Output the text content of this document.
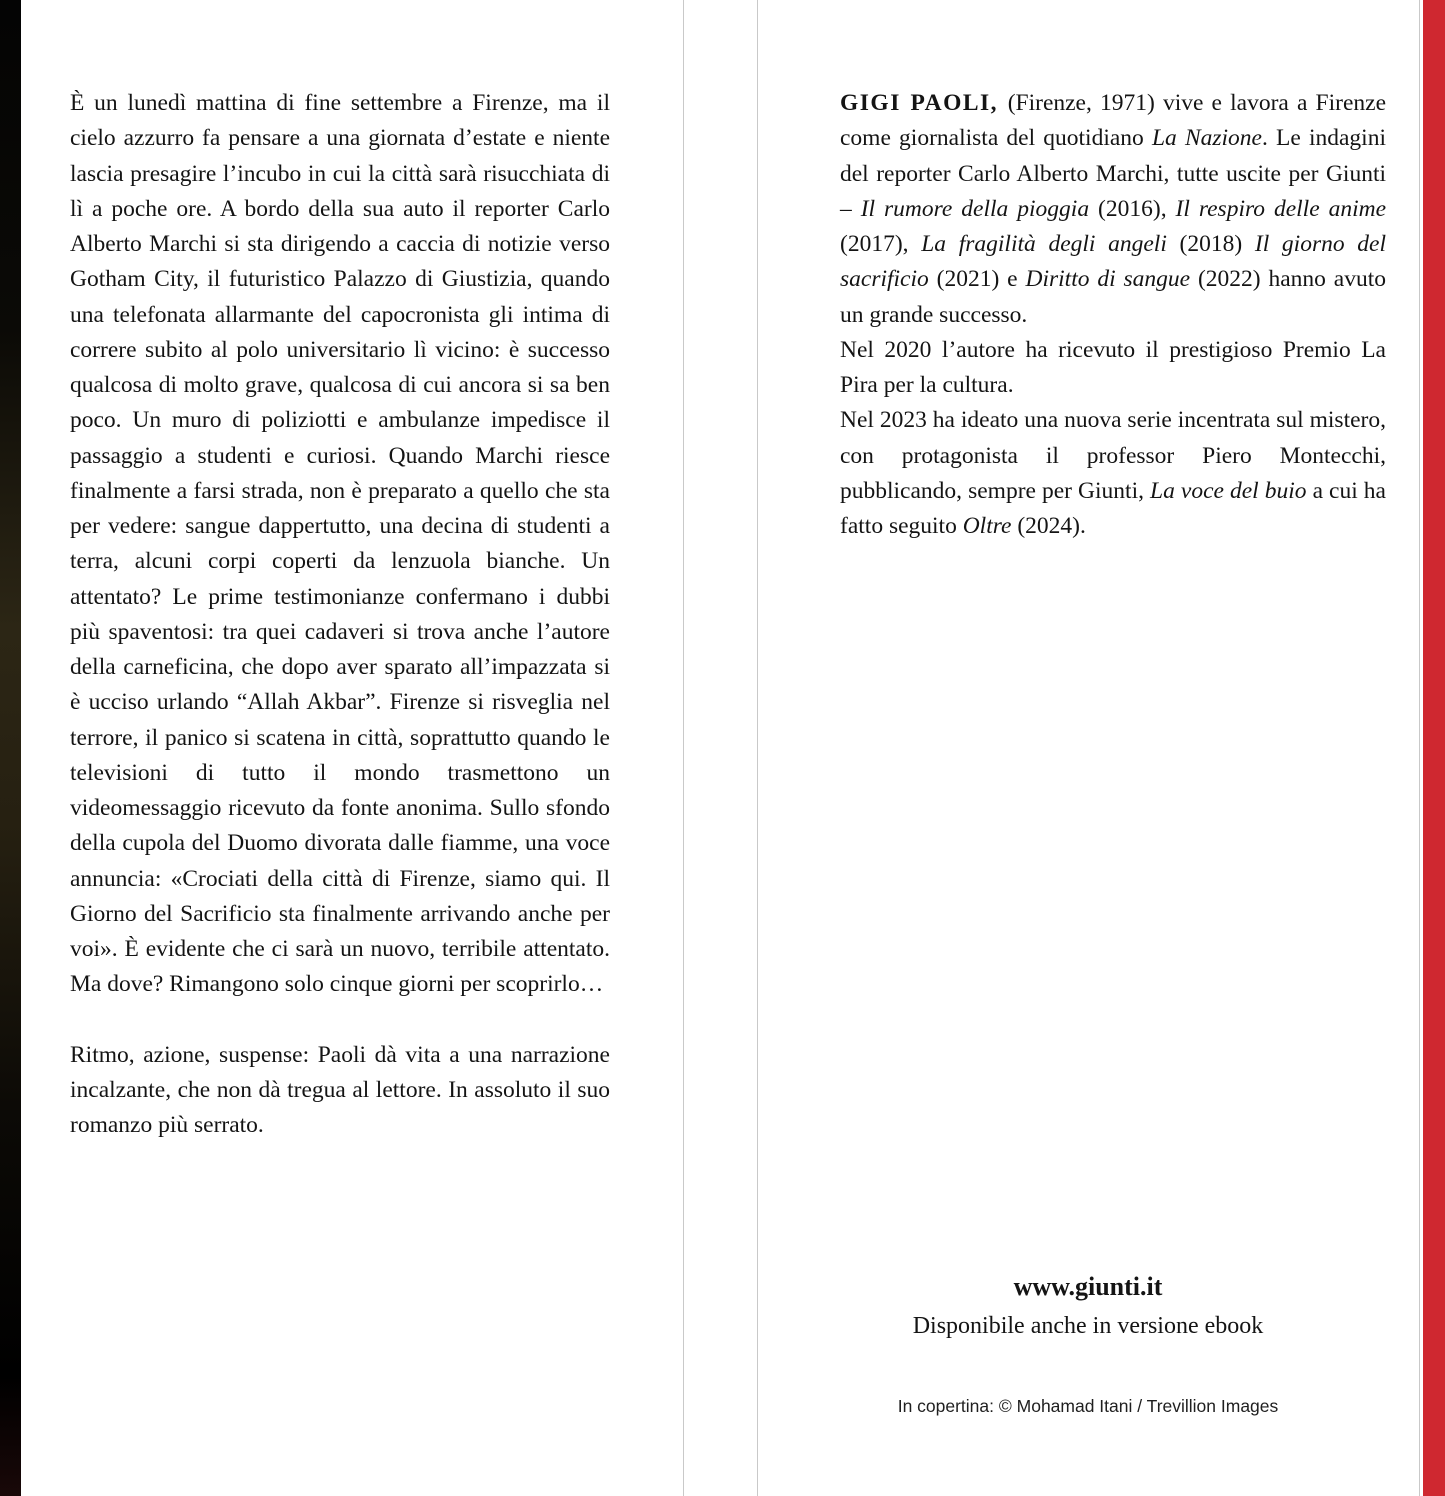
È un lunedì mattina di fine settembre a Firenze, ma il cielo azzurro fa pensare a una giornata d’estate e niente lascia presagire l’incubo in cui la città sarà risucchiata di lì a poche ore. A bordo della sua auto il reporter Carlo Alberto Marchi si sta dirigendo a caccia di notizie verso Gotham City, il futuristico Palazzo di Giustizia, quando una telefonata allarmante del capocronista gli intima di correre subito al polo universitario lì vicino: è successo qualcosa di molto grave, qualcosa di cui ancora si sa ben poco. Un muro di poliziotti e ambulanze impedisce il passaggio a studenti e curiosi. Quando Marchi riesce finalmente a farsi strada, non è preparato a quello che sta per vedere: sangue dappertutto, una decina di studenti a terra, alcuni corpi coperti da lenzuola bianche. Un attentato? Le prime testimonianze confermano i dubbi più spaventosi: tra quei cadaveri si trova anche l’autore della carneficina, che dopo aver sparato all’impazzata si è ucciso urlando “Allah Akbar”. Firenze si risveglia nel terrore, il panico si scatena in città, soprattutto quando le televisioni di tutto il mondo trasmettono un videomessaggio ricevuto da fonte anonima. Sullo sfondo della cupola del Duomo divorata dalle fiamme, una voce annuncia: «Crociati della città di Firenze, siamo qui. Il Giorno del Sacrificio sta finalmente arrivando anche per voi». È evidente che ci sarà un nuovo, terribile attentato. Ma dove? Rimangono solo cinque giorni per scoprirlo…

Ritmo, azione, suspense: Paoli dà vita a una narrazione incalzante, che non dà tregua al lettore. In assoluto il suo romanzo più serrato.

GIGI PAOLI, (Firenze, 1971) vive e lavora a Firenze come giornalista del quotidiano La Nazione. Le indagini del reporter Carlo Alberto Marchi, tutte uscite per Giunti – Il rumore della pioggia (2016), Il respiro delle anime (2017), La fragilità degli angeli (2018) Il giorno del sacrificio (2021) e Diritto di sangue (2022) hanno avuto un grande successo.

Nel 2020 l’autore ha ricevuto il prestigioso Premio La Pira per la cultura.

Nel 2023 ha ideato una nuova serie incentrata sul mistero, con protagonista il professor Piero Montecchi, pubblicando, sempre per Giunti, La voce del buio a cui ha fatto seguito Oltre (2024).

www.giunti.it
Disponibile anche in versione ebook
In copertina: © Mohamad Itani / Trevillion Images
